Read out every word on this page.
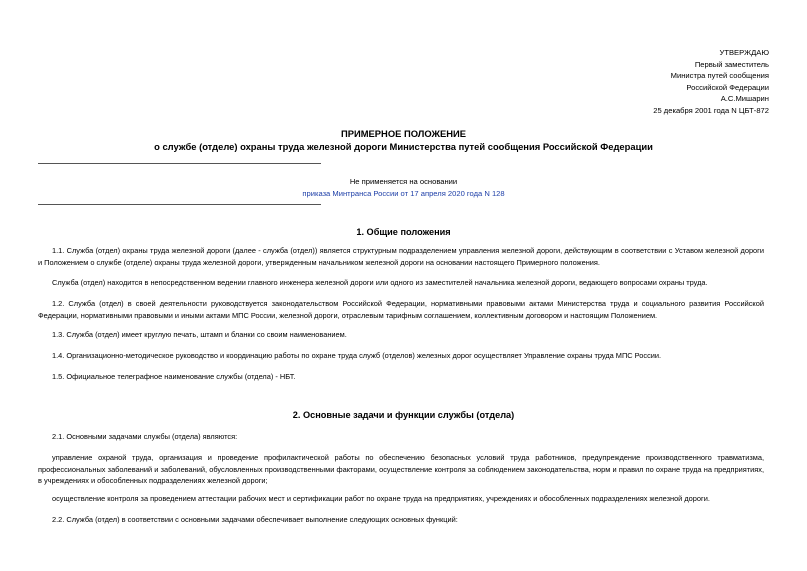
УТВЕРЖДАЮ
Первый заместитель
Министра путей сообщения
Российской Федерации
А.С.Мишарин
25 декабря 2001 года N ЦБТ-872
ПРИМЕРНОЕ ПОЛОЖЕНИЕ
о службе (отделе) охраны труда железной дороги Министерства путей сообщения Российской Федерации
Не применяется на основании
приказа Минтранса России от 17 апреля 2020 года N 128
1. Общие положения
1.1. Служба (отдел) охраны труда железной дороги (далее - служба (отдел)) является структурным подразделением управления железной дороги, действующим в соответствии с Уставом железной дороги и Положением о службе (отделе) охраны труда железной дороги, утвержденным начальником железной дороги на основании настоящего Примерного положения.
Служба (отдел) находится в непосредственном ведении главного инженера железной дороги или одного из заместителей начальника железной дороги, ведающего вопросами охраны труда.
1.2. Служба (отдел) в своей деятельности руководствуется законодательством Российской Федерации, нормативными правовыми актами Министерства труда и социального развития Российской Федерации, нормативными правовыми и иными актами МПС России, железной дороги, отраслевым тарифным соглашением, коллективным договором и настоящим Положением.
1.3. Служба (отдел) имеет круглую печать, штамп и бланки со своим наименованием.
1.4. Организационно-методическое руководство и координацию работы по охране труда служб (отделов) железных дорог осуществляет Управление охраны труда МПС России.
1.5. Официальное телеграфное наименование службы (отдела) - НБТ.
2. Основные задачи и функции службы (отдела)
2.1. Основными задачами службы (отдела) являются:
управление охраной труда, организация и проведение профилактической работы по обеспечению безопасных условий труда работников, предупреждение производственного травматизма, профессиональных заболеваний и заболеваний, обусловленных производственными факторами, осуществление контроля за соблюдением законодательства, норм и правил по охране труда на предприятиях, в учреждениях и обособленных подразделениях железной дороги;
осуществление контроля за проведением аттестации рабочих мест и сертификации работ по охране труда на предприятиях, учреждениях и обособленных подразделениях железной дороги.
2.2. Служба (отдел) в соответствии с основными задачами обеспечивает выполнение следующих основных функций:
